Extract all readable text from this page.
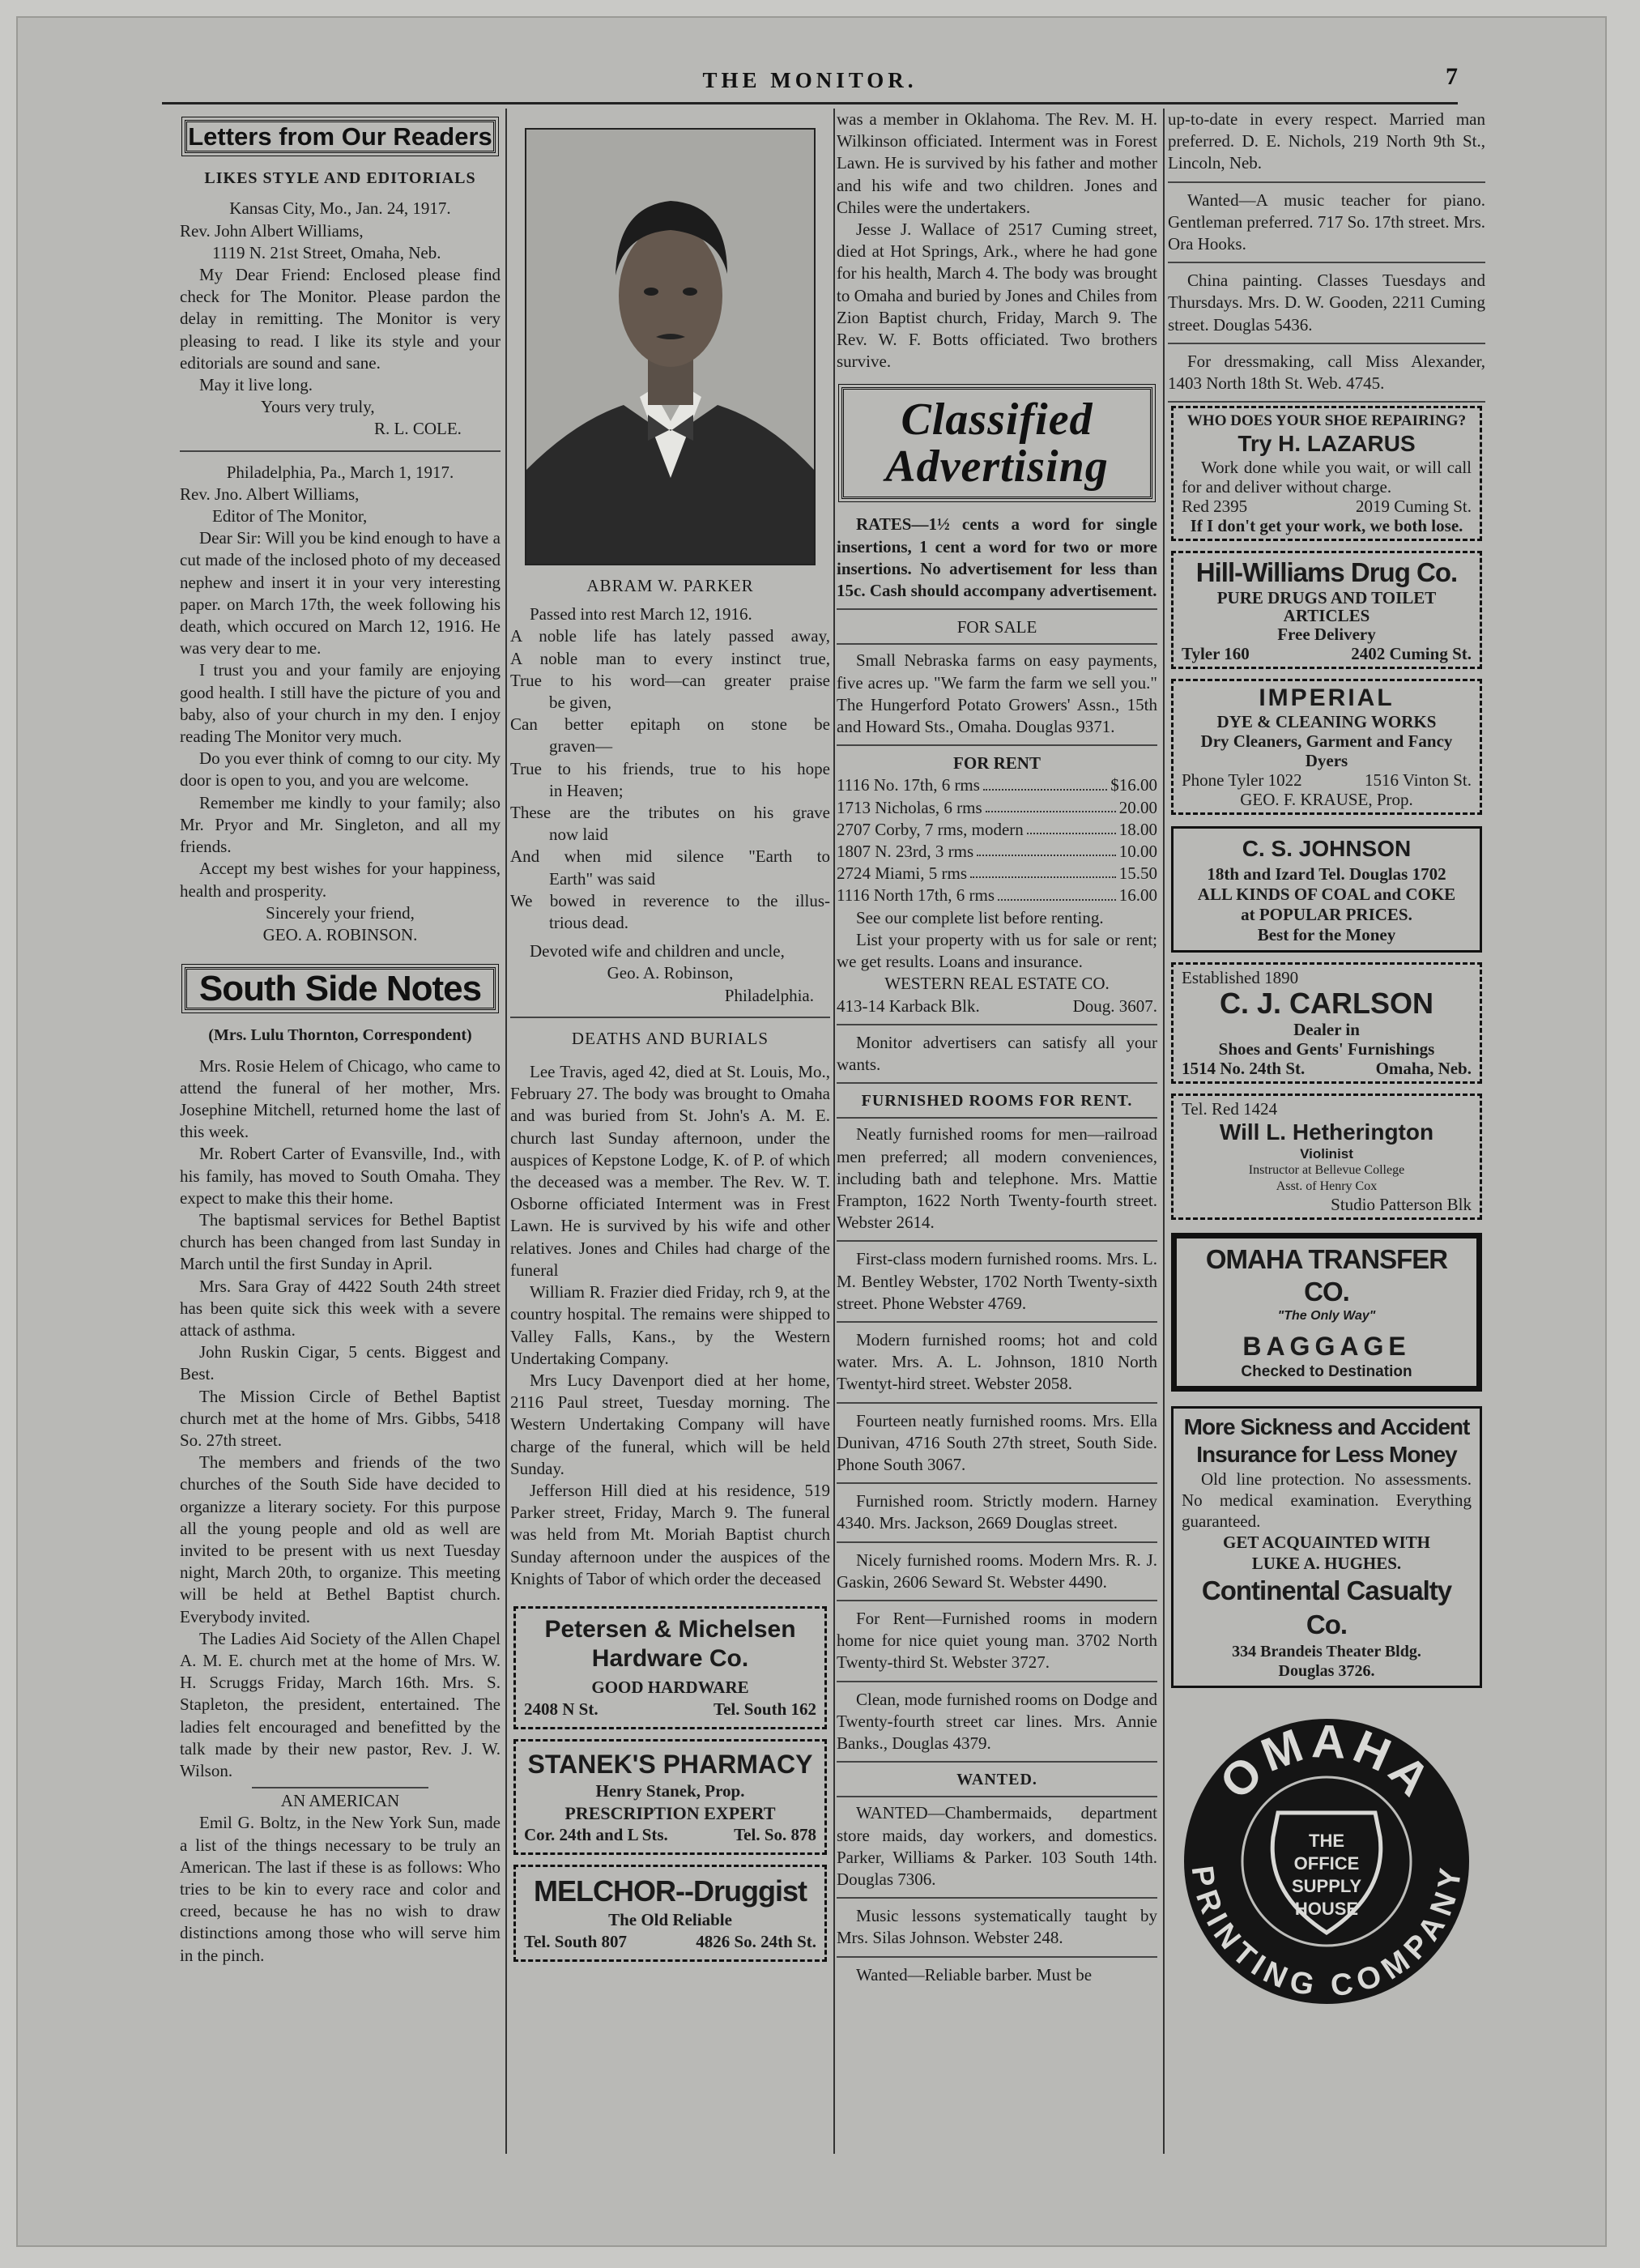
THE MONITOR.	7
Letters from Our Readers
LIKES STYLE AND EDITORIALS

Kansas City, Mo., Jan. 24, 1917.

Rev. John Albert Williams,

1119 N. 21st Street, Omaha, Neb.

My Dear Friend: Enclosed please find check for The Monitor. Please pardon the delay in remitting. The Monitor is very pleasing to read. I like its style and your editorials are sound and sane.

May it live long.

Yours very truly,

R. L. COLE.

Philadelphia, Pa., March 1, 1917.

Rev. Jno. Albert Williams,

Editor of The Monitor,

Dear Sir: Will you be kind enough to have a cut made of the inclosed photo of my deceased nephew and insert it in your very interesting paper. on March 17th, the week following his death, which occured on March 12, 1916. He was very dear to me.

I trust you and your family are enjoying good health. I still have the picture of you and baby, also of your church in my den. I enjoy reading The Monitor very much.

Do you ever think of comng to our city. My door is open to you, and you are welcome.

Remember me kindly to your family; also Mr. Pryor and Mr. Singleton, and all my friends.

Accept my best wishes for your happiness, health and prosperity.

Sincerely your friend,

GEO. A. ROBINSON.

South Side Notes

(Mrs. Lulu Thornton, Correspondent)

Mrs. Rosie Helem of Chicago, who came to attend the funeral of her mother, Mrs. Josephine Mitchell, returned home the last of this week.

Mr. Robert Carter of Evansville, Ind., with his family, has moved to South Omaha. They expect to make this their home.

The baptismal services for Bethel Baptist church has been changed from last Sunday in March until the first Sunday in April.

Mrs. Sara Gray of 4422 South 24th street has been quite sick this week with a severe attack of asthma.

John Ruskin Cigar, 5 cents. Biggest and Best.

The Mission Circle of Bethel Baptist church met at the home of Mrs. Gibbs, 5418 So. 27th street.

The members and friends of the two churches of the South Side have decided to organizze a literary society. For this purpose all the young people and old as well are invited to be present with us next Tuesday night, March 20th, to organize. This meeting will be held at Bethel Baptist church. Everybody invited.

The Ladies Aid Society of the Allen Chapel A. M. E. church met at the home of Mrs. W. H. Scruggs Friday, March 16th. Mrs. S. Stapleton, the president, entertained. The ladies felt encouraged and benefitted by the talk made by their new pastor, Rev. J. W. Wilson.

AN AMERICAN

Emil G. Boltz, in the New York Sun, made a list of the things necessary to be truly an American. The last if these is as follows: Who tries to be kin to every race and color and creed, because he has no wish to draw distinctions among those who will serve him in the pinch.

ABRAM W. PARKER

Passed into rest March 12, 1916.

A noble life has lately passed away,

A noble man to every instinct true,

True to his word—can greater praise

be given,

Can better epitaph on stone be

graven—

True to his friends, true to his hope

in Heaven;

These are the tributes on his grave

now laid

And when mid silence "Earth to

Earth" was said

We bowed in reverence to the illus-

trious dead.

Devoted wife and children and uncle,

Geo. A. Robinson,

Philadelphia.

DEATHS AND BURIALS

Lee Travis, aged 42, died at St. Louis, Mo., February 27. The body was brought to Omaha and was buried from St. John's A. M. E. church last Sunday afternoon, under the auspices of Kepstone Lodge, K. of P. of which the deceased was a member. The Rev. W. T. Osborne officiated Interment was in Frest Lawn. He is survived by his wife and other relatives. Jones and Chiles had charge of the funeral

William R. Frazier died Friday, rch 9, at the country hospital. The remains were shipped to Valley Falls, Kans., by the Western Undertaking Company.

Mrs Lucy Davenport died at her home, 2116 Paul street, Tuesday morning. The Western Undertaking Company will have charge of the funeral, which will be held Sunday.

Jefferson Hill died at his residence, 519 Parker street, Friday, March 9. The funeral was held from Mt. Moriah Baptist church Sunday afternoon under the auspices of the Knights of Tabor of which order the deceased

Petersen & Michelsen
Hardware Co.
GOOD HARDWARE
2408 N St.	Tel. South 162
STANEK'S PHARMACY
Henry Stanek, Prop.
PRESCRIPTION EXPERT
Cor. 24th and L Sts.	Tel. So. 878
MELCHOR--Druggist
The Old Reliable
Tel. South 807	4826 So. 24th St.

was a member in Oklahoma. The Rev. M. H. Wilkinson officiated. Interment was in Forest Lawn. He is survived by his father and mother and his wife and two children. Jones and Chiles were the undertakers.

Jesse J. Wallace of 2517 Cuming street, died at Hot Springs, Ark., where he had gone for his health, March 4. The body was brought to Omaha and buried by Jones and Chiles from Zion Baptist church, Friday, March 9. The Rev. W. F. Botts officiated. Two brothers survive.

Classified
Advertising

RATES—1½ cents a word for single insertions, 1 cent a word for two or more insertions. No advertisement for less than 15c. Cash should accompany advertisement.

FOR SALE

Small Nebraska farms on easy payments, five acres up. "We farm the farm we sell you." The Hungerford Potato Growers' Assn., 15th and Howard Sts., Omaha. Douglas 9371.

FOR RENT

1116 No. 17th, 6 rms	$16.00
1713 Nicholas, 6 rms	20.00
2707 Corby, 7 rms, modern	18.00
1807 N. 23rd, 3 rms	10.00
2724 Miami, 5 rms	15.50
1116 North 17th, 6 rms	16.00

See our complete list before renting.

List your property with us for sale or rent; we get results. Loans and insurance.

WESTERN REAL ESTATE CO.

413-14 Karback Blk.	Doug. 3607.

Monitor advertisers can satisfy all your wants.

FURNISHED ROOMS FOR RENT.

Neatly furnished rooms for men—railroad men preferred; all modern conveniences, including bath and telephone. Mrs. Mattie Frampton, 1622 North Twenty-fourth street. Webster 2614.

First-class modern furnished rooms. Mrs. L. M. Bentley Webster, 1702 North Twenty-sixth street. Phone Webster 4769.

Modern furnished rooms; hot and cold water. Mrs. A. L. Johnson, 1810 North Twentyt-hird street. Webster 2058.

Fourteen neatly furnished rooms. Mrs. Ella Dunivan, 4716 South 27th street, South Side. Phone South 3067.

Furnished room. Strictly modern. Harney 4340. Mrs. Jackson, 2669 Douglas street.

Nicely furnished rooms. Modern Mrs. R. J. Gaskin, 2606 Seward St. Webster 4490.

For Rent—Furnished rooms in modern home for nice quiet young man. 3702 North Twenty-third St. Webster 3727.

Clean, mode furnished rooms on Dodge and Twenty-fourth street car lines. Mrs. Annie Banks., Douglas 4379.

WANTED.

WANTED—Chambermaids, department store maids, day workers, and domestics. Parker, Williams & Parker. 103 South 14th. Douglas 7306.

Music lessons systematically taught by Mrs. Silas Johnson. Webster 248.

Wanted—Reliable barber. Must be

up-to-date in every respect. Married man preferred. D. E. Nichols, 219 North 9th St., Lincoln, Neb.

Wanted—A music teacher for piano. Gentleman preferred. 717 So. 17th street. Mrs. Ora Hooks.

China painting. Classes Tuesdays and Thursdays. Mrs. D. W. Gooden, 2211 Cuming street. Douglas 5436.

For dressmaking, call Miss Alexander, 1403 North 18th St. Web. 4745.

WHO DOES YOUR SHOE REPAIRING?
Try H. LAZARUS

Work done while you wait, or will call for and deliver without charge.

Red 2395	2019 Cuming St.
If I don't get your work, we both lose.
Hill-Williams Drug Co.
PURE DRUGS AND TOILET
ARTICLES
Free Delivery
Tyler 160	2402 Cuming St.
IMPERIAL
DYE & CLEANING WORKS
Dry Cleaners, Garment and Fancy Dyers
Phone Tyler 1022	1516 Vinton St.
GEO. F. KRAUSE, Prop.
C. S. JOHNSON
18th and Izard Tel. Douglas 1702
ALL KINDS OF COAL and COKE
at POPULAR PRICES.
Best for the Money
Established 1890
C. J. CARLSON
Dealer in
Shoes and Gents' Furnishings
1514 No. 24th St.	Omaha, Neb.
Tel. Red 1424
Will L. Hetherington
Violinist
Instructor at Bellevue College
Asst. of Henry Cox
Studio Patterson Blk
OMAHA TRANSFER CO.
"The Only Way"
BAGGAGE
Checked to Destination
More Sickness and Accident
Insurance for Less Money

Old line protection. No assessments. No medical examination. Everything guaranteed.

GET ACQUAINTED WITH
LUKE A. HUGHES.
Continental Casualty Co.
334 Brandeis Theater Bldg.
Douglas 3726.
OMAHA
PRINTING COMPANY
THE
OFFICE
SUPPLY
HOUSE
